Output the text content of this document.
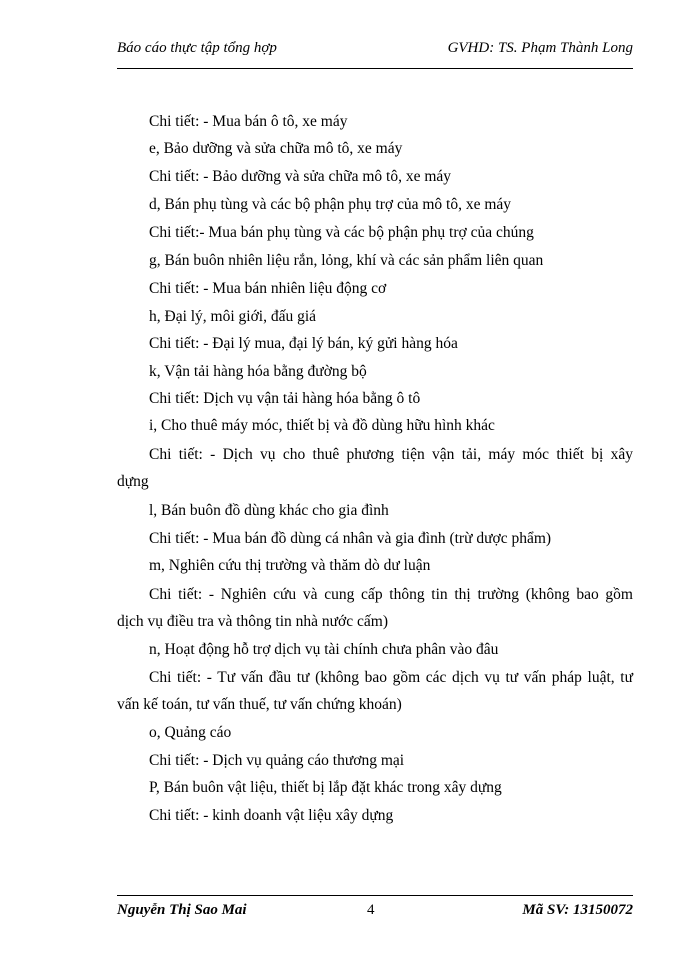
Báo cáo thực tập tổng hợp	GVHD: TS. Phạm Thành Long
Chi tiết: - Mua bán ô tô, xe máy
e, Bảo dưỡng và sửa chữa mô tô, xe máy
Chi tiết: - Bảo dưỡng và sửa chữa mô tô, xe máy
d, Bán phụ tùng và các bộ phận phụ trợ của mô tô, xe máy
Chi tiết:- Mua bán phụ tùng và các bộ phận phụ trợ của chúng
g, Bán buôn nhiên liệu rắn, lỏng, khí và các sản phẩm liên quan
Chi tiết: - Mua bán nhiên liệu động cơ
h, Đại lý, môi giới, đấu giá
Chi tiết: - Đại lý mua, đại lý bán, ký gửi hàng hóa
k, Vận tải hàng hóa bằng đường bộ
Chi tiết: Dịch vụ vận tải hàng hóa bằng ô tô
i, Cho thuê máy móc, thiết bị và đồ dùng hữu hình khác
Chi tiết: - Dịch vụ cho thuê phương tiện vận tải, máy móc thiết bị xây
dựng
l, Bán buôn đồ dùng khác cho gia đình
Chi tiết: - Mua bán đồ dùng cá nhân và gia đình (trừ dược phẩm)
m, Nghiên cứu thị trường và thăm dò dư luận
Chi tiết: - Nghiên cứu và cung cấp thông tin thị trường (không bao gồm
dịch vụ điều tra và thông tin nhà nước cấm)
n, Hoạt động hỗ trợ dịch vụ tài chính chưa phân vào đâu
Chi tiết: - Tư vấn đầu tư (không bao gồm các dịch vụ tư vấn pháp luật, tư
vấn kế toán, tư vấn thuế, tư vấn chứng khoán)
o, Quảng cáo
Chi tiết: - Dịch vụ quảng cáo thương mại
P, Bán buôn vật liệu, thiết bị lắp đặt khác trong xây dựng
Chi tiết: - kinh doanh vật liệu xây dựng
Nguyễn Thị Sao Mai	4	Mã SV: 13150072
